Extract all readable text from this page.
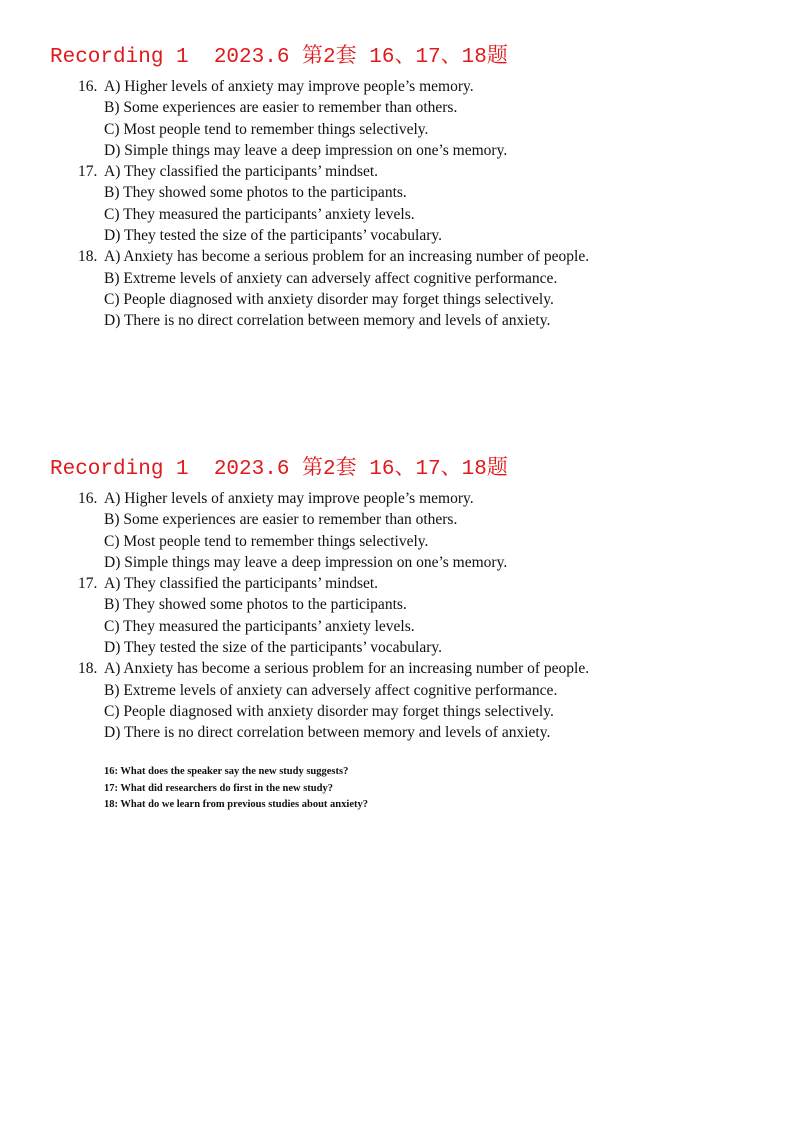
Recording 1  2023.6 第2套 16、17、18题
16. A) Higher levels of anxiety may improve people’s memory.
B) Some experiences are easier to remember than others.
C) Most people tend to remember things selectively.
D) Simple things may leave a deep impression on one’s memory.
17. A) They classified the participants’ mindset.
B) They showed some photos to the participants.
C) They measured the participants’ anxiety levels.
D) They tested the size of the participants’ vocabulary.
18. A) Anxiety has become a serious problem for an increasing number of people.
B) Extreme levels of anxiety can adversely affect cognitive performance.
C) People diagnosed with anxiety disorder may forget things selectively.
D) There is no direct correlation between memory and levels of anxiety.
Recording 1  2023.6 第2套 16、17、18题
16. A) Higher levels of anxiety may improve people’s memory.
B) Some experiences are easier to remember than others.
C) Most people tend to remember things selectively.
D) Simple things may leave a deep impression on one’s memory.
17. A) They classified the participants’ mindset.
B) They showed some photos to the participants.
C) They measured the participants’ anxiety levels.
D) They tested the size of the participants’ vocabulary.
18. A) Anxiety has become a serious problem for an increasing number of people.
B) Extreme levels of anxiety can adversely affect cognitive performance.
C) People diagnosed with anxiety disorder may forget things selectively.
D) There is no direct correlation between memory and levels of anxiety.
16: What does the speaker say the new study suggests?
17: What did researchers do first in the new study?
18: What do we learn from previous studies about anxiety?
